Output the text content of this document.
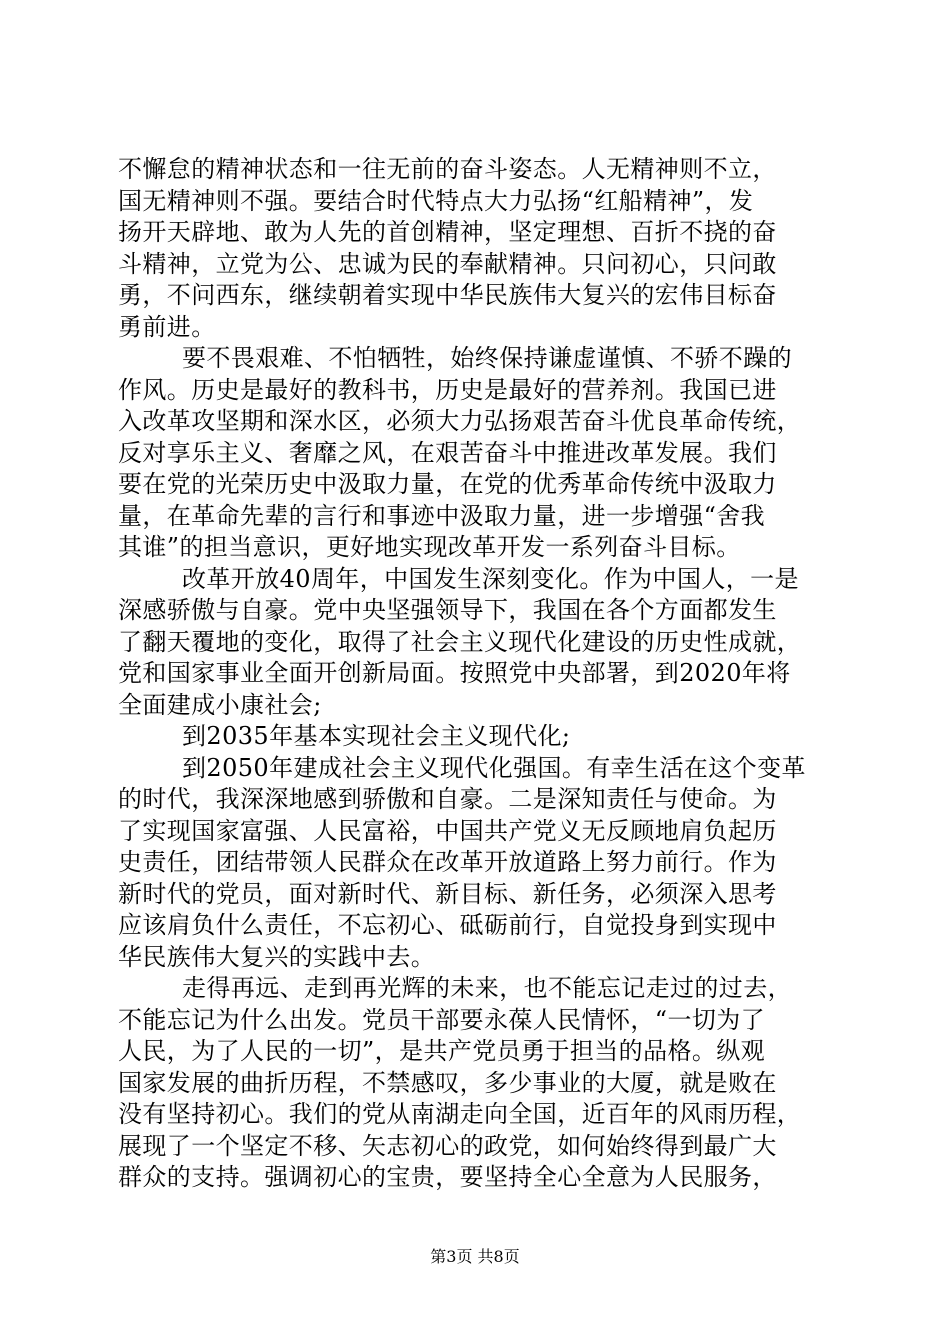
不懈怠的精神状态和一往无前的奋斗姿态。人无精神则不立，
国无精神则不强。要结合时代特点大力弘扬“红船精神”，发
扬开天辟地、敢为人先的首创精神，坚定理想、百折不挠的奋
斗精神，立党为公、忠诚为民的奉献精神。只问初心，只问敢
勇，不问西东，继续朝着实现中华民族伟大复兴的宏伟目标奋
勇前进。
要不畏艰难、不怕牺牲，始终保持谦虚谨慎、不骄不躁的
作风。历史是最好的教科书，历史是最好的营养剂。我国已进
入改革攻坚期和深水区，必须大力弘扬艰苦奋斗优良革命传统，
反对享乐主义、奢靡之风，在艰苦奋斗中推进改革发展。我们
要在党的光荣历史中汲取力量，在党的优秀革命传统中汲取力
量，在革命先辈的言行和事迹中汲取力量，进一步增强“舍我
其谁”的担当意识，更好地实现改革开发一系列奋斗目标。
改革开放40周年，中国发生深刻变化。作为中国人，一是
深感骄傲与自豪。党中央坚强领导下，我国在各个方面都发生
了翻天覆地的变化，取得了社会主义现代化建设的历史性成就，
党和国家事业全面开创新局面。按照党中央部署，到2020年将
全面建成小康社会;
到2035年基本实现社会主义现代化;
到2050年建成社会主义现代化强国。有幸生活在这个变革
的时代，我深深地感到骄傲和自豪。二是深知责任与使命。为
了实现国家富强、人民富裕，中国共产党义无反顾地肩负起历
史责任，团结带领人民群众在改革开放道路上努力前行。作为
新时代的党员，面对新时代、新目标、新任务，必须深入思考
应该肩负什么责任，不忘初心、砥砺前行，自觉投身到实现中
华民族伟大复兴的实践中去。
走得再远、走到再光辉的未来，也不能忘记走过的过去，
不能忘记为什么出发。党员干部要永葆人民情怀，“一切为了
人民，为了人民的一切”，是共产党员勇于担当的品格。纵观
国家发展的曲折历程，不禁感叹，多少事业的大厦，就是败在
没有坚持初心。我们的党从南湖走向全国，近百年的风雨历程，
展现了一个坚定不移、矢志初心的政党，如何始终得到最广大
群众的支持。强调初心的宝贵，要坚持全心全意为人民服务，
第3页 共8页
